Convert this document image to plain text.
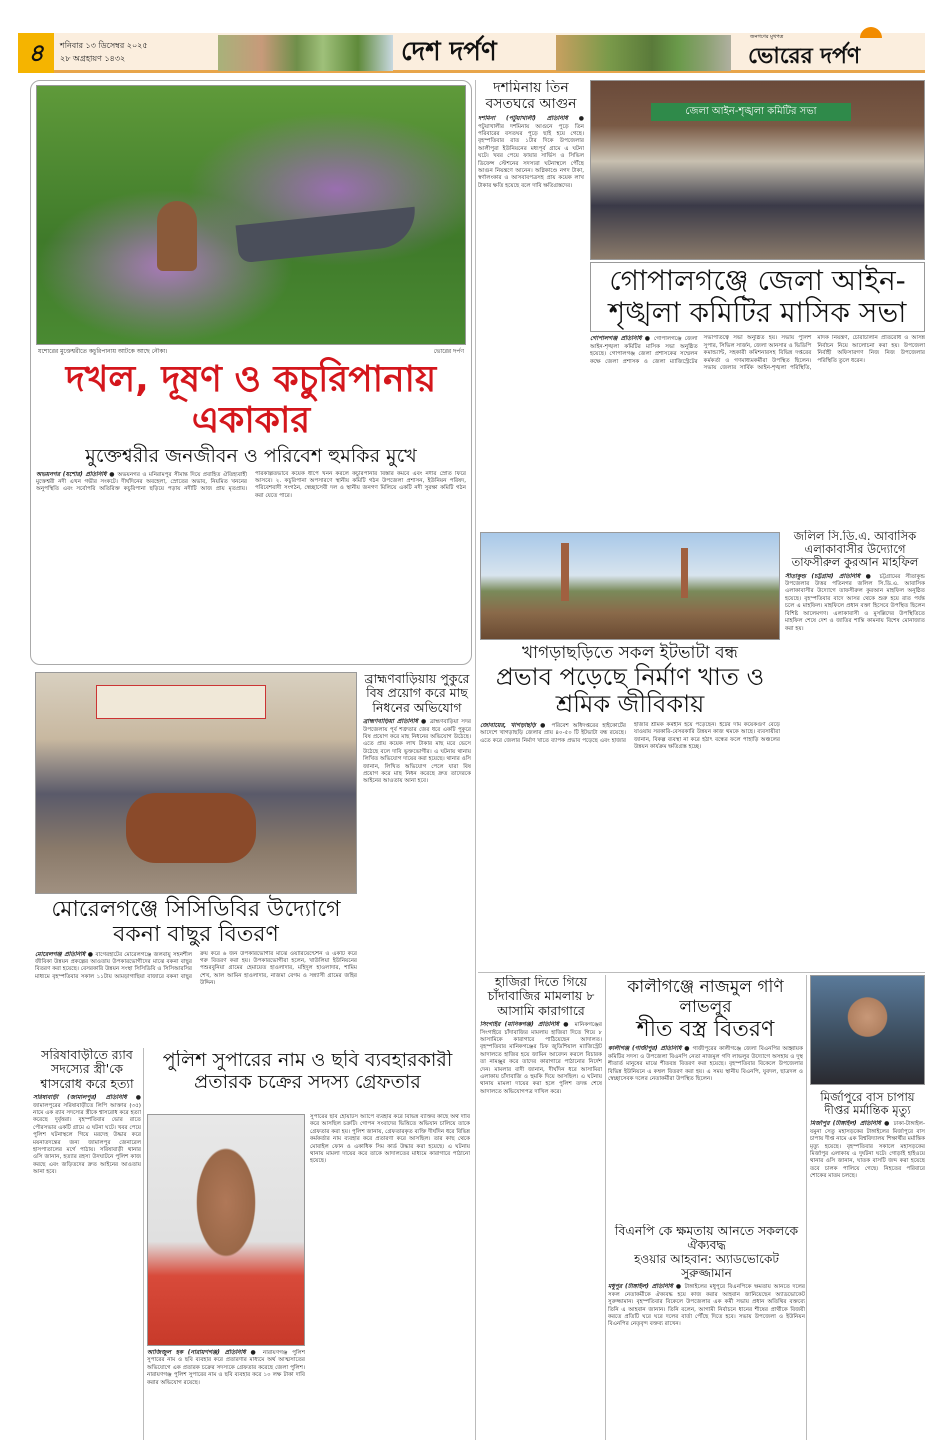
৪	শনিবার ১৩ ডিসেম্বর ২০২৫
২৮ অগ্রহায়ণ ১৪৩২	দেশ দর্পণ	জনগণের মুখপত্র
ভোরের দর্পণ
যশোরের মুক্তেশ্বরীতে কচুরিপানায় আটকে আছে নৌকা।	ভোরের দর্পণ
দখল, দূষণ ও কচুরিপানায় একাকার
মুক্তেশ্বরীর জনজীবন ও পরিবেশ হুমকির মুখে
অভয়নগর (যশোর) প্রতিনিধি ● অভয়নগর ও মনিরামপুর সীমান্ত দিয়ে প্রবাহিত ঐতিহ্যবাহী মুক্তেশ্বরী নদী এখন গভীর সংকটে। দীর্ঘদিনের অবহেলা, স্রোতের অভাব, নিয়মিত খননের অনুপস্থিতি এবং সর্বোপরি অতিরিক্ত কচুরিপানা ছড়িয়ে পড়ায় নদীটি আজ প্রায় মৃতপ্রায়। পরিকল্পিতভাবে কয়েক ধাপে খনন করলে কচুরিপানার বিস্তার কমবে এবং নদীর স্রোত ফিরে আসবে। ২. কচুরিপানা অপসারণে স্থানীয় কমিটি গঠন উপজেলা প্রশাসন, ইউনিয়ন পরিষদ, পরিবেশবাদী সংগঠন, স্বেচ্ছাসেবী দল ও স্থানীয় জনগণ মিলিয়ে একটি নদী সুরক্ষা কমিটি গঠন করা যেতে পারে।
দশমিনায় তিন বসতঘরে আগুন
দশমিনা (পটুয়াখালী) প্রতিনিধি ● পটুয়াখালীর দশমিনায় আগুনে পুড়ে তিন পরিবারের বসতঘর পুড়ে ছাই হয়ে গেছে। বৃহস্পতিবার রাত ১টার দিকে উপজেলার আলীপুরা ইউনিয়নের মধ্যপূর্ব গ্রামে এ ঘটনা ঘটে। খবর পেয়ে ফায়ার সার্ভিস ও সিভিল ডিফেন্স স্টেশনের সদস্যরা ঘটনাস্থলে পৌঁছে আগুন নিয়ন্ত্রণে আনেন। অগ্নিকাণ্ডে নগদ টাকা, স্বর্ণালংকার ও আসবাবপত্রসহ প্রায় কয়েক লাখ টাকার ক্ষতি হয়েছে বলে দাবি ক্ষতিগ্রস্তদের।
জেলা আইন-শৃঙ্খলা কমিটির সভা
গোপালগঞ্জে জেলা আইন-শৃঙ্খলা কমিটির মাসিক সভা
গোপালগঞ্জ প্রতিনিধি ● গোপালগঞ্জে জেলা আইন-শৃঙ্খলা কমিটির মাসিক সভা অনুষ্ঠিত হয়েছে। গোপালগঞ্জ জেলা প্রশাসকের সম্মেলন কক্ষে জেলা প্রশাসক ও জেলা ম্যাজিস্ট্রেটের সভাপতিত্বে সভা অনুষ্ঠিত হয়। সভায় পুলিশ সুপার, সিভিল সার্জন, জেলা আনসার ও ভিডিপি কমান্ড্যান্ট, সহকারী কমিশনারসহ বিভিন্ন দপ্তরের কর্মকর্তা ও গণমাধ্যমকর্মীরা উপস্থিত ছিলেন। সভায় জেলার সার্বিক আইন-শৃঙ্খলা পরিস্থিতি, মাদক নিয়ন্ত্রণ, চোরাচালান প্রতিরোধ ও আসন্ন নির্বাচন নিয়ে আলোচনা করা হয়। উপজেলা নির্বাহী অফিসারগণ নিজ নিজ উপজেলার পরিস্থিতি তুলে ধরেন।
খাগড়াছড়িতে সকল ইটভাটা বন্ধ
প্রভাব পড়েছে নির্মাণ খাত ও শ্রমিক জীবিকায়
জোবায়ের, খাগড়াছড়ি ● পরিবেশ অধিদপ্তরের হাইকোর্টের আদেশে খাগড়াছড়ি জেলার প্রায় ৪০-৫০ টি ইটভাটা বন্ধ রয়েছে। এতে করে জেলার নির্মাণ খাতে ব্যাপক প্রভাব পড়েছে এবং হাজার হাজার শ্রমিক কর্মহীন হয়ে পড়েছেন। ইটের দাম কয়েকগুণ বেড়ে যাওয়ায় সরকারি-বেসরকারি উন্নয়ন কাজ থমকে আছে। ব্যবসায়ীরা জানান, বিকল্প ব্যবস্থা না করে হঠাৎ বন্ধের ফলে পাহাড়ি অঞ্চলের উন্নয়ন কার্যক্রম ক্ষতিগ্রস্ত হচ্ছে।
জলিল সি.ডি.এ. আবাসিক এলাকাবাসীর উদ্যোগে তাফসীরুল কুরআন মাহফিল
সীতাকুন্ড (চট্টগ্রাম) প্রতিনিধি ● চট্টগ্রামের সীতাকুন্ড উপজেলার উত্তর পতিনগর জলিল সি.ডি.এ. আবাসিক এলাকাবাসীর উদ্যোগে তাফসীরুল কুরআন মাহফিল অনুষ্ঠিত হয়েছে। বৃহস্পতিবার বাদে আসর থেকে শুরু হয়ে রাত পর্যন্ত চলে এ মাহফিল। মাহফিলে প্রধান বক্তা হিসেবে উপস্থিত ছিলেন বিশিষ্ট আলেমগণ। এলাকাবাসী ও মুসল্লিদের উপস্থিতিতে মাহফিল শেষে দেশ ও জাতির শান্তি কামনায় বিশেষ মোনাজাত করা হয়।
মোরেলগঞ্জে সিসিডিবির উদ্যোগে
বকনা বাছুর বিতরণ
মোরেলগঞ্জ প্রতিনিধি ● বাগেরহাটের মোরেলগঞ্জে জলবায়ু সহনশীল জীবিকা উন্নয়ন প্রকল্পের আওতায় উপকারভোগীদের মাঝে বকনা বাছুর বিতরণ করা হয়েছে। বেসরকারি উন্নয়ন সংস্থা সিসিডিবি ও সিসিআরসির মাধ্যমে বৃহস্পতিবার সকাল ১১টায় আমড়াগাছিয়া বাজারে বকনা বাছুর ক্রয় করে ৬ জন উপকারভোগীর মাঝে ওয়ারিয়েন্টেশন ও একটি করে গরু বিতরণ করা হয়। উপকারভোগীরা হলেন, খাউলিয়া ইউনিয়নের পশুরবুনিয়া গ্রামের হেমায়েত হাওলাদার, মহিদুল হাওলাদার, শামিম শেখ, আল আমিন হাওলাদার, নাজমা বেগম ও সন্ন্যাসী গ্রামের জহির উদ্দিন।
ব্রাহ্মণবাড়িয়ায় পুকুরে বিষ প্রয়োগ করে মাছ নিধনের অভিযোগ
ব্রাহ্মণবাড়িয়া প্রতিনিধি ● ব্রাহ্মণবাড়িয়া সদর উপজেলায় পূর্ব শত্রুতার জের ধরে একটি পুকুরে বিষ প্রয়োগ করে মাছ নিধনের অভিযোগ উঠেছে। এতে প্রায় কয়েক লাখ টাকার মাছ মরে ভেসে উঠেছে বলে দাবি ভুক্তভোগীর। এ ঘটনায় থানায় লিখিত অভিযোগ দায়ের করা হয়েছে। থানার ওসি জানান, লিখিত অভিযোগ পেলে যারা বিষ প্রয়োগ করে মাছ নিধন করেছে দ্রুত তাদেরকে আইনের আওতায় আনা হবে।
হাজিরা দিতে গিয়ে চাঁদাবাজির মামলায় ৮ আসামি কারাগারে
সিংগাইর (মানিকগঞ্জ) প্রতিনিধি ● মানিকগঞ্জের সিংগাইরে চাঁদাবাজির মামলায় হাজিরা দিতে গিয়ে ৮ আসামিকে কারাগারে পাঠিয়েছেন আদালত। বৃহস্পতিবার মানিকগঞ্জের চিফ জুডিশিয়াল ম্যাজিস্ট্রেট আদালতে হাজির হয়ে জামিন আবেদন করলে বিচারক তা নামঞ্জুর করে তাদের কারাগারে পাঠানোর নির্দেশ দেন। মামলার বাদী জানান, দীর্ঘদিন ধরে আসামিরা এলাকায় চাঁদাবাজি ও হুমকি দিয়ে আসছিল। এ ঘটনায় থানায় মামলা দায়ের করা হলে পুলিশ তদন্ত শেষে আদালতে অভিযোগপত্র দাখিল করে।
কালীগঞ্জে নাজমুল গণি লাভলুর
শীত বস্ত্র বিতরণ
কালীগঞ্জ (গাজীপুর) প্রতিনিধি ● গাজীপুরের কালীগঞ্জে জেলা বিএনপির আহ্বায়ক কমিটির সদস্য ও উপজেলা বিএনপি নেতা নাজমুল গণি লাভলুর উদ্যোগে অসহায় ও দুস্থ শীতার্ত মানুষের মাঝে শীতবস্ত্র বিতরণ করা হয়েছে। বৃহস্পতিবার বিকেলে উপজেলার বিভিন্ন ইউনিয়নে এ কম্বল বিতরণ করা হয়। এ সময় স্থানীয় বিএনপি, যুবদল, ছাত্রদল ও স্বেচ্ছাসেবক দলের নেতাকর্মীরা উপস্থিত ছিলেন।
মির্জাপুরে বাস চাপায় দীপ্তর মর্মান্তিক মৃত্যু
মির্জাপুর (টাঙ্গাইল) প্রতিনিধি ● ঢাকা-টাঙ্গাইল-যমুনা সেতু মহাসড়কের টাঙ্গাইলের মির্জাপুরে বাস চাপায় দীপ্ত নামে এক বিশ্ববিদ্যালয় শিক্ষার্থীর মর্মান্তিক মৃত্যু হয়েছে। বৃহস্পতিবার সকালে মহাসড়কের মির্জাপুর এলাকায় এ দুর্ঘটনা ঘটে। গোড়াই হাইওয়ে থানার ওসি জানান, ঘাতক বাসটি জব্দ করা হয়েছে তবে চালক পালিয়ে গেছে। নিহতের পরিবারে শোকের মাতম চলছে।
বিএনপি কে ক্ষমতায় আনতে সকলকে ঐক্যবদ্ধ
হওয়ার আহবান: অ্যাডভোকেট সুরুজ্জামান
মধুপুর (টাঙ্গাইল) প্রতিনিধি ● টাঙ্গাইলের মধুপুরে বিএনপিকে ক্ষমতায় আনতে দলের সকল নেতাকর্মীকে ঐক্যবদ্ধ হয়ে কাজ করার আহবান জানিয়েছেন অ্যাডভোকেট সুরুজ্জামান। বৃহস্পতিবার বিকেলে উপজেলার এক কর্মী সভায় প্রধান অতিথির বক্তব্যে তিনি এ আহবান জানান। তিনি বলেন, আগামী নির্বাচনে ধানের শীষের প্রার্থীকে বিজয়ী করতে প্রতিটি ঘরে ঘরে দলের বার্তা পৌঁছে দিতে হবে। সভায় উপজেলা ও ইউনিয়ন বিএনপির নেতৃবৃন্দ বক্তব্য রাখেন।
সরিষাবাড়ীতে র‍্যাব সদস্যের স্ত্রী'কে শ্বাসরোধ করে হত্যা
সরিষাবাড়ী (জামালপুর) প্রতিনিধি ● জামালপুরের সরিষাবাড়ীতে লিপি আক্তার (৩৫) নামে এক র‍্যাব সদস্যের স্ত্রীকে শ্বাসরোধ করে হত্যা করেছে দুর্বৃত্তরা। বৃহস্পতিবার ভোর রাতে পৌরসভার একটি গ্রামে এ ঘটনা ঘটে। খবর পেয়ে পুলিশ ঘটনাস্থলে গিয়ে মরদেহ উদ্ধার করে ময়নাতদন্তের জন্য জামালপুর জেনারেল হাসপাতালের মর্গে পাঠায়। সরিষাবাড়ী থানার ওসি জানান, হত্যার রহস্য উদঘাটনে পুলিশ কাজ করছে এবং জড়িতদের দ্রুত আইনের আওতায় আনা হবে।
পুলিশ সুপারের নাম ও ছবি ব্যবহারকারী
প্রতারক চক্রের সদস্য গ্রেফতার
আজিজুল হক (নারায়ণগঞ্জ) প্রতিনিধি ● নারায়ণগঞ্জ পুলিশ সুপারের নাম ও ছবি ব্যবহার করে প্রতারণার মাধ্যমে অর্থ আত্মসাতের অভিযোগে এক প্রতারক চক্রের সদস্যকে গ্রেফতার করেছে জেলা পুলিশ। নারায়ণগঞ্জ পুলিশ সুপারের নাম ও ছবি ব্যবহার করে ১০ লক্ষ টাকা দাবি করার অভিযোগ রয়েছে।
সুপারের ছবি হোয়াটস অ্যাপে ব্যবহার করে বিভিন্ন ব্যক্তির কাছে অর্থ দাবি করে আসছিল চক্রটি। গোপন সংবাদের ভিত্তিতে অভিযান চালিয়ে তাকে গ্রেফতার করা হয়। পুলিশ জানায়, গ্রেফতারকৃত ব্যক্তি দীর্ঘদিন ধরে বিভিন্ন কর্মকর্তার নাম ব্যবহার করে প্রতারণা করে আসছিল। তার কাছ থেকে মোবাইল ফোন ও একাধিক সিম কার্ড উদ্ধার করা হয়েছে। এ ঘটনায় থানায় মামলা দায়ের করে তাকে আদালতের মাধ্যমে কারাগারে পাঠানো হয়েছে।
